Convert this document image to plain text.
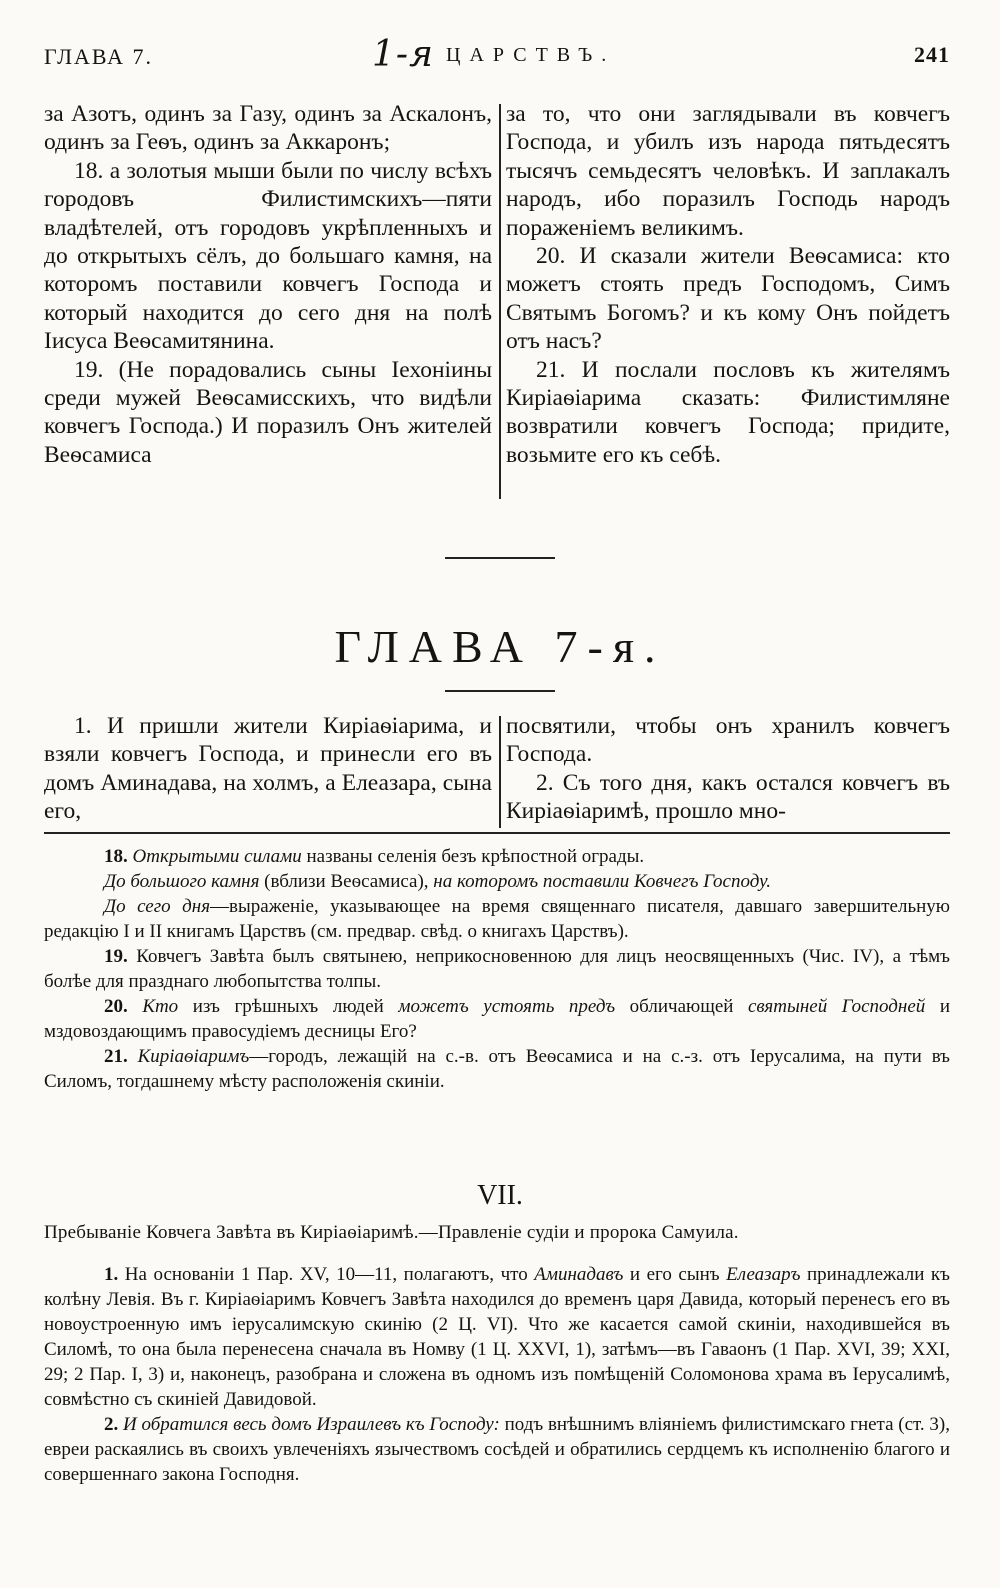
ГЛАВА 7.	1-я ЦАРСТВЪ.	241

за Азотъ, одинъ за Газу, одинъ за Аскалонъ, одинъ за Геѳъ, одинъ за Аккаронъ;

18. а золотыя мыши были по числу всѣхъ городовъ Филистимскихъ—пяти владѣтелей, отъ городовъ укрѣпленныхъ и до открытыхъ сёлъ, до большаго камня, на которомъ поставили ковчегъ Господа и который находится до сего дня на полѣ Іисуса Веѳсамитянина.

19. (Не порадовались сыны Іехоніины среди мужей Веѳсамисскихъ, что видѣли ковчегъ Господа.) И поразилъ Онъ жителей Веѳсамиса

за то, что они заглядывали въ ковчегъ Господа, и убилъ изъ народа пятьдесятъ тысячъ семьдесятъ человѣкъ. И заплакалъ народъ, ибо поразилъ Господь народъ пораженіемъ великимъ.

20. И сказали жители Веѳсамиса: кто можетъ стоять предъ Господомъ, Симъ Святымъ Богомъ? и къ кому Онъ пойдетъ отъ насъ?

21. И послали пословъ къ жителямъ Киріаѳіарима сказать: Филистимляне возвратили ковчегъ Господа; придите, возьмите его къ себѣ.

ГЛАВА 7-я.

1. И пришли жители Киріаѳіарима, и взяли ковчегъ Господа, и принесли его въ домъ Аминадава, на холмъ, а Елеазара, сына его,

посвятили, чтобы онъ хранилъ ковчегъ Господа.

2. Съ того дня, какъ остался ковчегъ въ Киріаѳіаримѣ, прошло мно-

18. Открытыми силами названы селенія безъ крѣпостной ограды.

До большого камня (вблизи Веѳсамиса), на которомъ поставили Ковчегъ Господу.

До сего дня—выраженіе, указывающее на время священнаго писателя, давшаго завершительную редакцію I и II книгамъ Царствъ (см. предвар. свѣд. о книгахъ Царствъ).

19. Ковчегъ Завѣта былъ святынею, неприкосновенною для лицъ неосвященныхъ (Чис. IV), а тѣмъ болѣе для празднаго любопытства толпы.

20. Кто изъ грѣшныхъ людей можетъ устоять предъ обличающей святыней Господней и мздовоздающимъ правосудіемъ десницы Его?

21. Киріаѳіаримъ—городъ, лежащій на с.-в. отъ Веѳсамиса и на с.-з. отъ Іерусалима, на пути въ Силомъ, тогдашнему мѣсту расположенія скиніи.

VII.
Пребываніе Ковчега Завѣта въ Киріаѳіаримѣ.—Правленіе судіи и пророка Самуила.

1. На основаніи 1 Пар. XV, 10—11, полагаютъ, что Аминадавъ и его сынъ Елеазаръ принадлежали къ колѣну Левія. Въ г. Киріаѳіаримъ Ковчегъ Завѣта находился до временъ царя Давида, который перенесъ его въ новоустроенную имъ іерусалимскую скинію (2 Ц. VI). Что же касается самой скиніи, находившейся въ Силомѣ, то она была перенесена сначала въ Номву (1 Ц. XXVI, 1), затѣмъ—въ Гаваонъ (1 Пар. XVI, 39; XXI, 29; 2 Пар. I, 3) и, наконецъ, разобрана и сложена въ одномъ изъ помѣщеній Соломонова храма въ Іерусалимѣ, совмѣстно съ скиніей Давидовой.

2. И обратился весь домъ Израилевъ къ Господу: подъ внѣшнимъ вліяніемъ филистимскаго гнета (ст. 3), евреи раскаялись въ своихъ увлеченіяхъ язычествомъ сосѣдей и обратились сердцемъ къ исполненію благого и совершеннаго закона Господня.
